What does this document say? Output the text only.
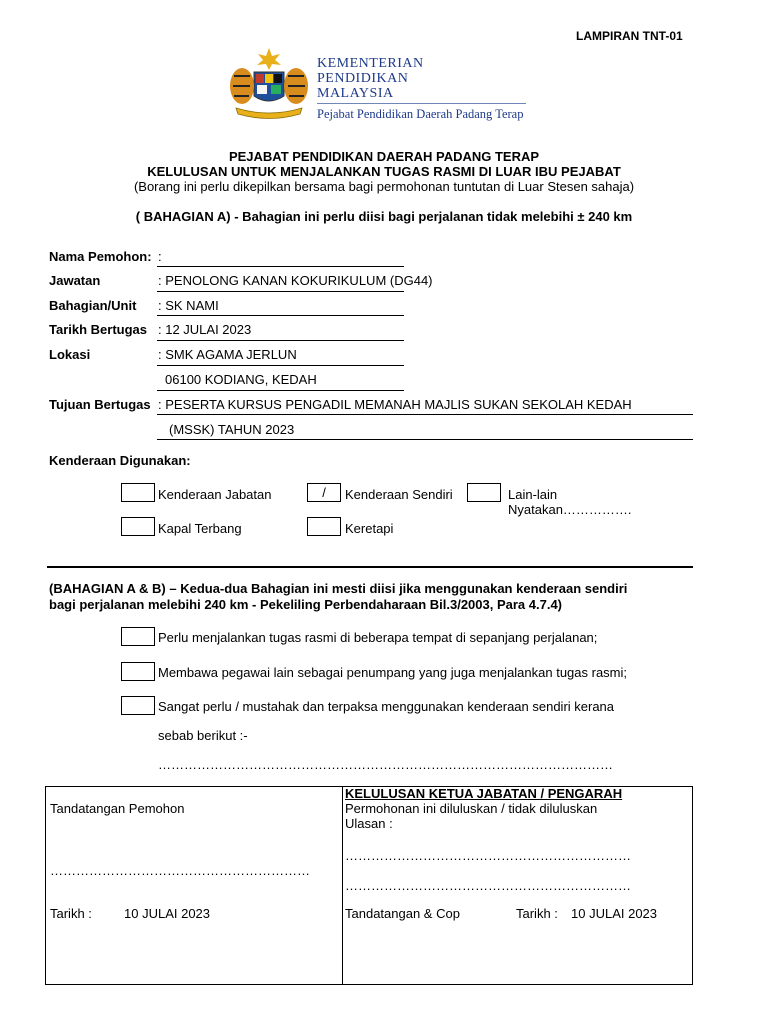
LAMPIRAN TNT-01
KEMENTERIAN
PENDIDIKAN
MALAYSIA
Pejabat Pendidikan Daerah Padang Terap
PEJABAT PENDIDIKAN DAERAH PADANG TERAP
KELULUSAN UNTUK MENJALANKAN TUGAS RASMI DI LUAR IBU PEJABAT
(Borang ini perlu dikepilkan bersama bagi permohonan tuntutan di Luar Stesen sahaja)
( BAHAGIAN A) - Bahagian ini perlu diisi bagi perjalanan tidak melebihi ± 240 km
Nama Pemohon: :
Jawatan	: PENOLONG KANAN KOKURIKULUM (DG44)
Bahagian/Unit : SK NAMI
Tarikh Bertugas : 12 JULAI 2023
Lokasi	: SMK AGAMA JERLUN
06100 KODIANG, KEDAH
Tujuan Bertugas : PESERTA KURSUS PENGADIL MEMANAH MAJLIS SUKAN SEKOLAH KEDAH
(MSSK) TAHUN 2023
Kenderaan Digunakan:
Kenderaan Jabatan	/	Kenderaan Sendiri	Lain-lain
Nyatakan…………….
Kapal Terbang	Keretapi
(BAHAGIAN A & B) – Kedua-dua Bahagian ini mesti diisi jika menggunakan kenderaan sendiri
bagi perjalanan melebihi 240 km - Pekeliling Perbendaharaan Bil.3/2003, Para 4.7.4)
Perlu menjalankan tugas rasmi di beberapa tempat di sepanjang perjalanan;
Membawa pegawai lain sebagai penumpang yang juga menjalankan tugas rasmi;
Sangat perlu / mustahak dan terpaksa menggunakan kenderaan sendiri kerana
sebab berikut :-
……………………………………………………………………………………………
Tandatangan Pemohon
……………………………………………………
Tarikh : 10 JULAI 2023
KELULUSAN KETUA JABATAN / PENGARAH
Permohonan ini diluluskan / tidak diluluskan
Ulasan :
…………………………………………………………
…………………………………………………………
Tandatangan & Cop	Tarikh : 10 JULAI 2023
